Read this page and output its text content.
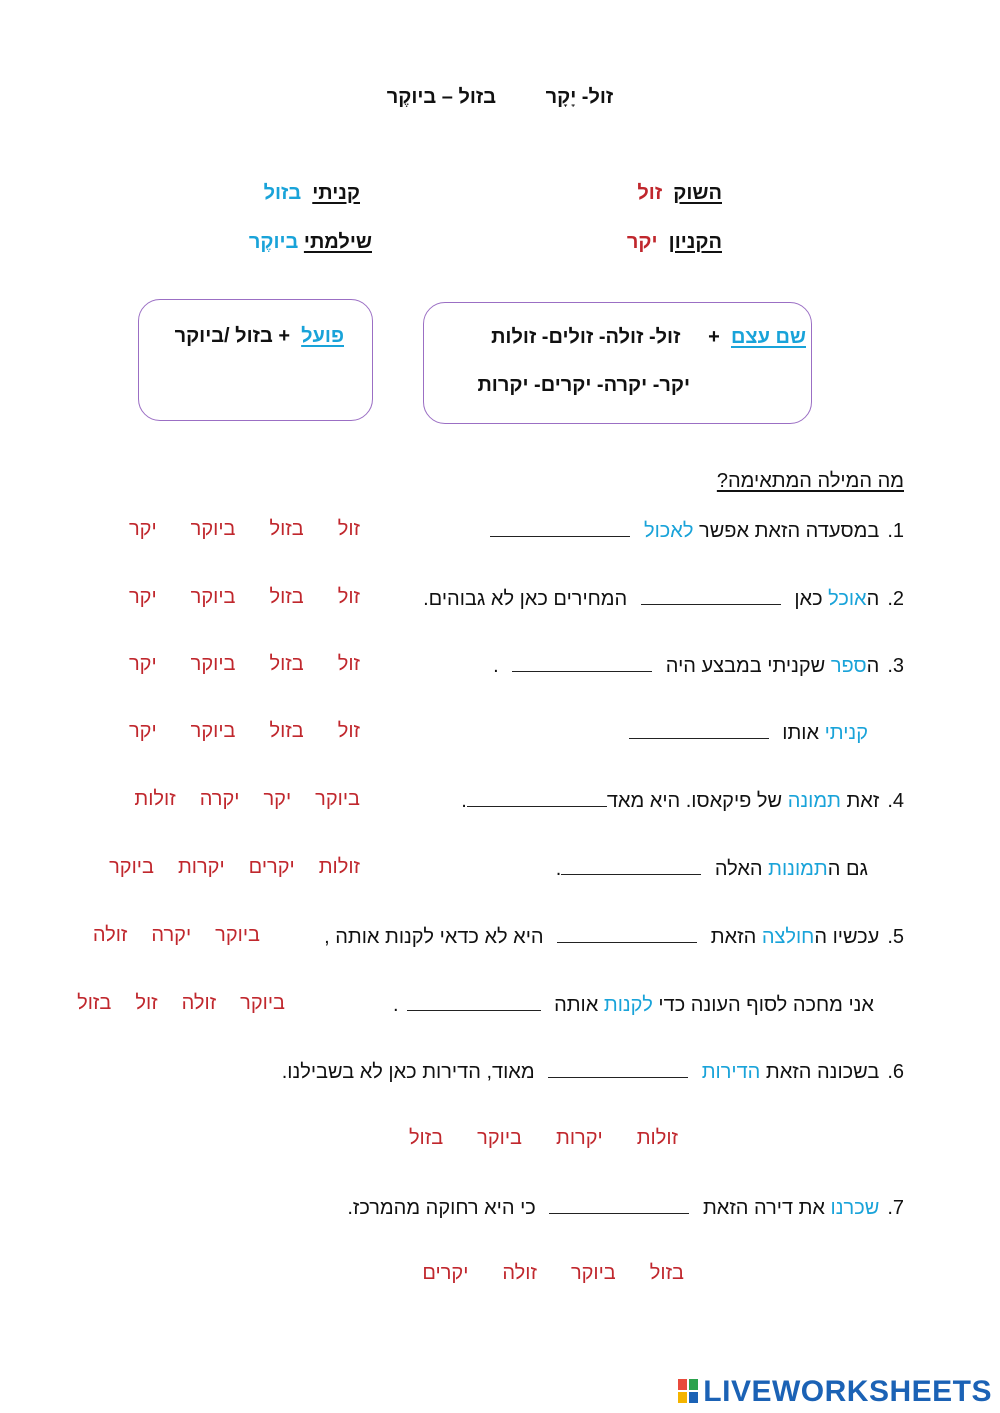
זול- יָקָר בזול – ביוקֶר
השוק  זול
הקניון  יקר
קניתי  בזול
שילמתי ביוקֶר
שם עצם  +     זול- זולה- זולים- זולות
יקר- יקרה- יקרים- יקרות
פועל  + בזול /ביוקר
מה המילה המתאימה?
1.במסעדה הזאת אפשר לאכול
זולבזולביוקריקר
2.האוכל כאן  המחירים כאן לא גבוהים.
זולבזולביוקריקר
3.הספר שקניתי במבצע היה  .
זולבזולביוקריקר
קניתי אותו
זולבזולביוקריקר
4.זאת תמונה של פיקאסו. היא מאד.
ביוקריקריקרהזולות
גם התמונות האלה .
זולותיקריםיקרותביוקר
5.עכשיו החולצה הזאת  היא לא כדאי לקנות אותה ,
ביוקריקרהזולה
אני מחכה לסוף העונה כדי לקנות אותה .
ביוקרזולהזולבזול
6.בשכונה הזאת הדירות  מאוד, הדירות כאן לא בשבילנו.
זולותיקרותביוקרבזול
7.שכרנו את דירה הזאת  כי היא רחוקה מהמרכז.
בזולביוקרזולהיקרים
LIVEWORKSHEETS
